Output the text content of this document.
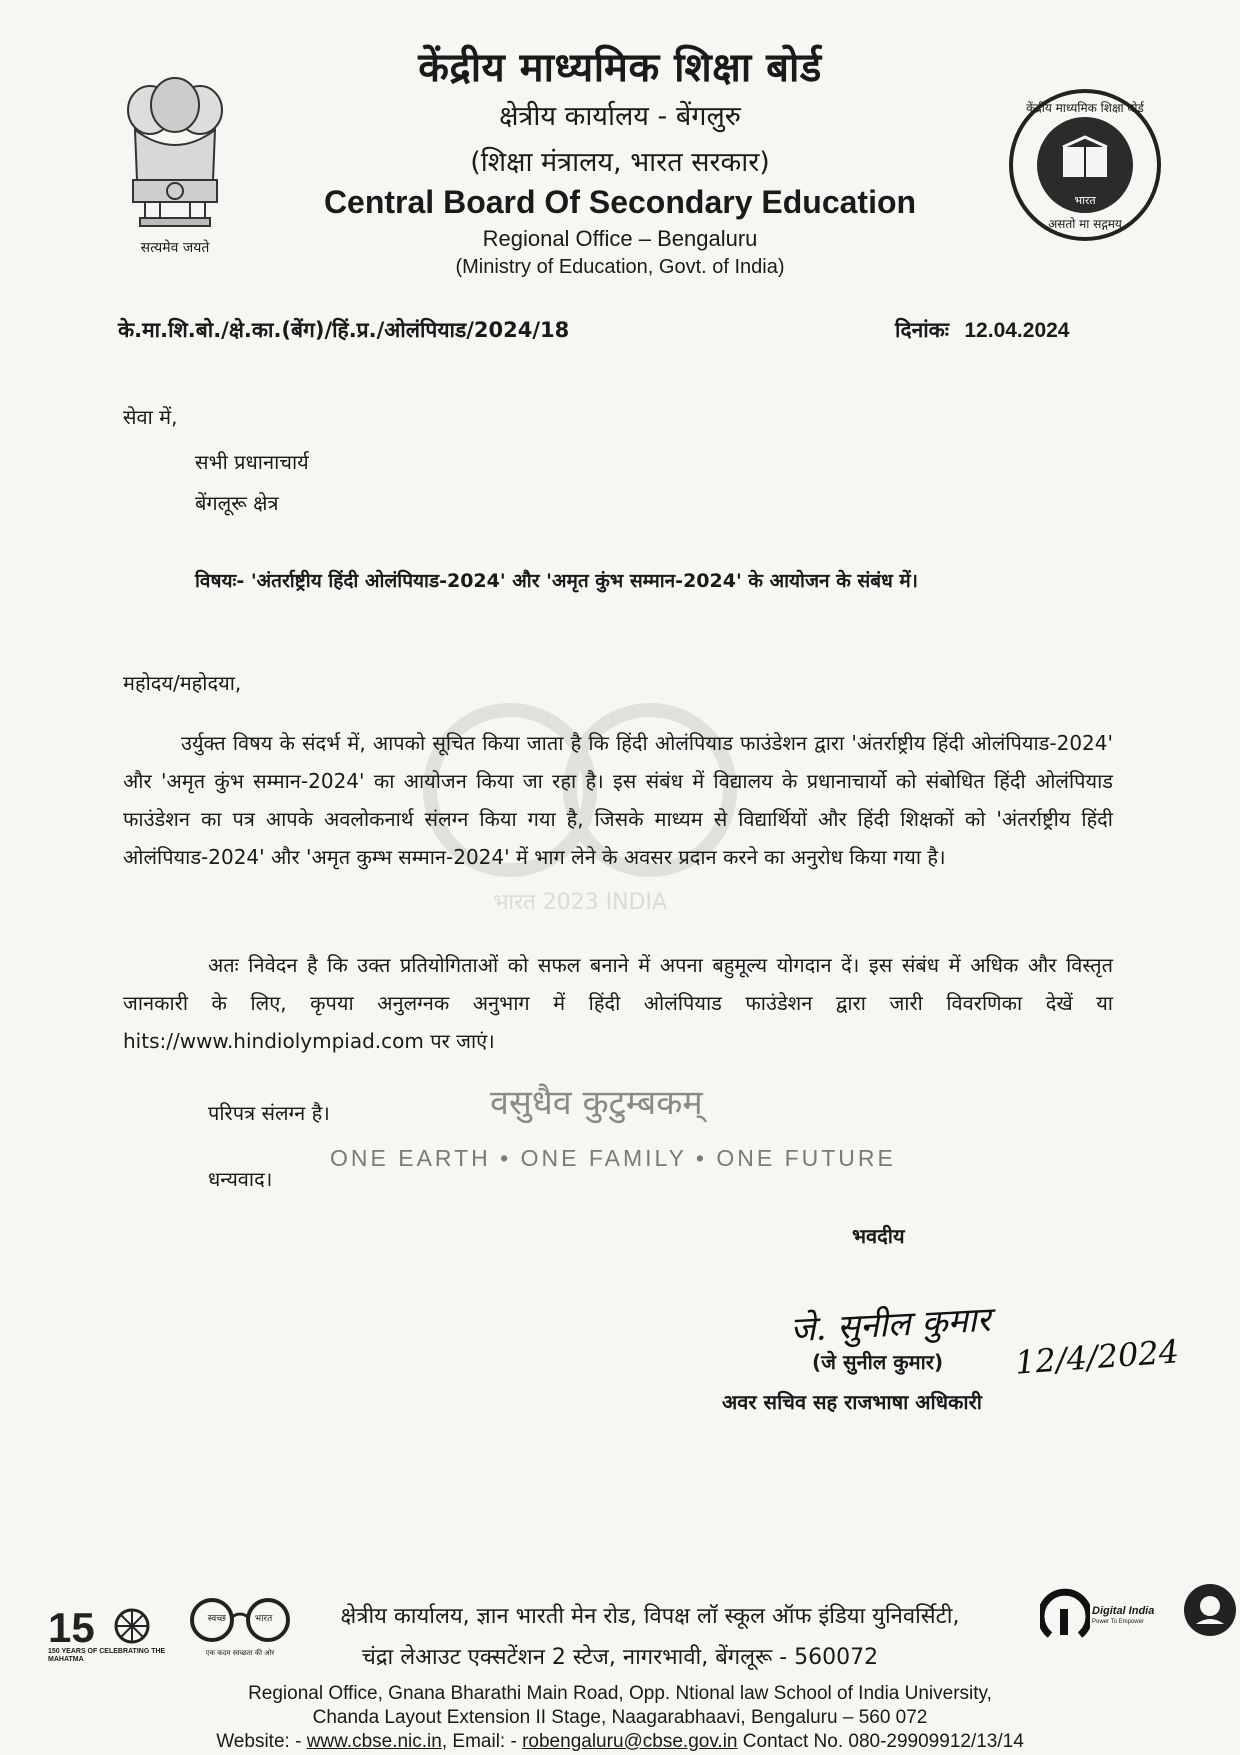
सत्यमेव जयते
केंद्रीय माध्यमिक शिक्षा बोर्ड
क्षेत्रीय कार्यालय - बेंगलुरु
(शिक्षा मंत्रालय, भारत सरकार)
Central Board Of Secondary Education
Regional Office – Bengaluru
(Ministry of Education, Govt. of India)
केंद्रीय माध्यमिक शिक्षा बोर्ड
भारत
असतो मा सद्गमय
के.मा.शि.बो./क्षे.का.(बेंग)/हिं.प्र./ओलंपियाड/2024/18	दिनांकः 12.04.2024
सेवा में,
सभी प्रधानाचार्य
बेंगलूरू क्षेत्र
विषयः- 'अंतर्राष्ट्रीय हिंदी ओलंपियाड-2024' और 'अमृत कुंभ सम्मान-2024' के आयोजन के संबंध में।
महोदय/महोदया,
भारत 2023 INDIA
उर्युक्त विषय के संदर्भ में, आपको सूचित किया जाता है कि हिंदी ओलंपियाड फाउंडेशन द्वारा 'अंतर्राष्ट्रीय हिंदी ओलंपियाड-2024' और 'अमृत कुंभ सम्मान-2024' का आयोजन किया जा रहा है। इस संबंध में विद्यालय के प्रधानाचार्यो को संबोधित हिंदी ओलंपियाड फाउंडेशन का पत्र आपके अवलोकनार्थ संलग्न किया गया है, जिसके माध्यम से विद्यार्थियों और हिंदी शिक्षकों को 'अंतर्राष्ट्रीय हिंदी ओलंपियाड-2024' और 'अमृत कुम्भ सम्मान-2024' में भाग लेने के अवसर प्रदान करने का अनुरोध किया गया है।
अतः निवेदन है कि उक्त प्रतियोगिताओं को सफल बनाने में अपना बहुमूल्य योगदान दें। इस संबंध में अधिक और विस्तृत जानकारी के लिए, कृपया अनुलग्नक अनुभाग में हिंदी ओलंपियाड फाउंडेशन द्वारा जारी विवरणिका देखें या hits://www.hindiolympiad.com पर जाएं।
परिपत्र संलग्न है।	वसुधैव कुटुम्बकम्
ONE EARTH • ONE FAMILY • ONE FUTURE
धन्यवाद।
भवदीय
जे. सुनील कुमार
12/4/2024
(जे सुनील कुमार)
अवर सचिव सह राजभाषा अधिकारी
15
150 YEARS OF CELEBRATING THE MAHATMA
स्वच्छ भारत
एक कदम स्वच्छता की ओर
Digital India
Power To Empower
क्षेत्रीय कार्यालय, ज्ञान भारती मेन रोड, विपक्ष लॉ स्कूल ऑफ इंडिया युनिवर्सिटी,
चंद्रा लेआउट एक्सटेंशन 2 स्टेज, नागरभावी, बेंगलूरू - 560072
Regional Office, Gnana Bharathi Main Road, Opp. Ntional law School of India University,
Chanda Layout Extension II Stage, Naagarabhaavi, Bengaluru – 560 072
Website: - www.cbse.nic.in, Email: - robengaluru@cbse.gov.in Contact No. 080-29909912/13/14
